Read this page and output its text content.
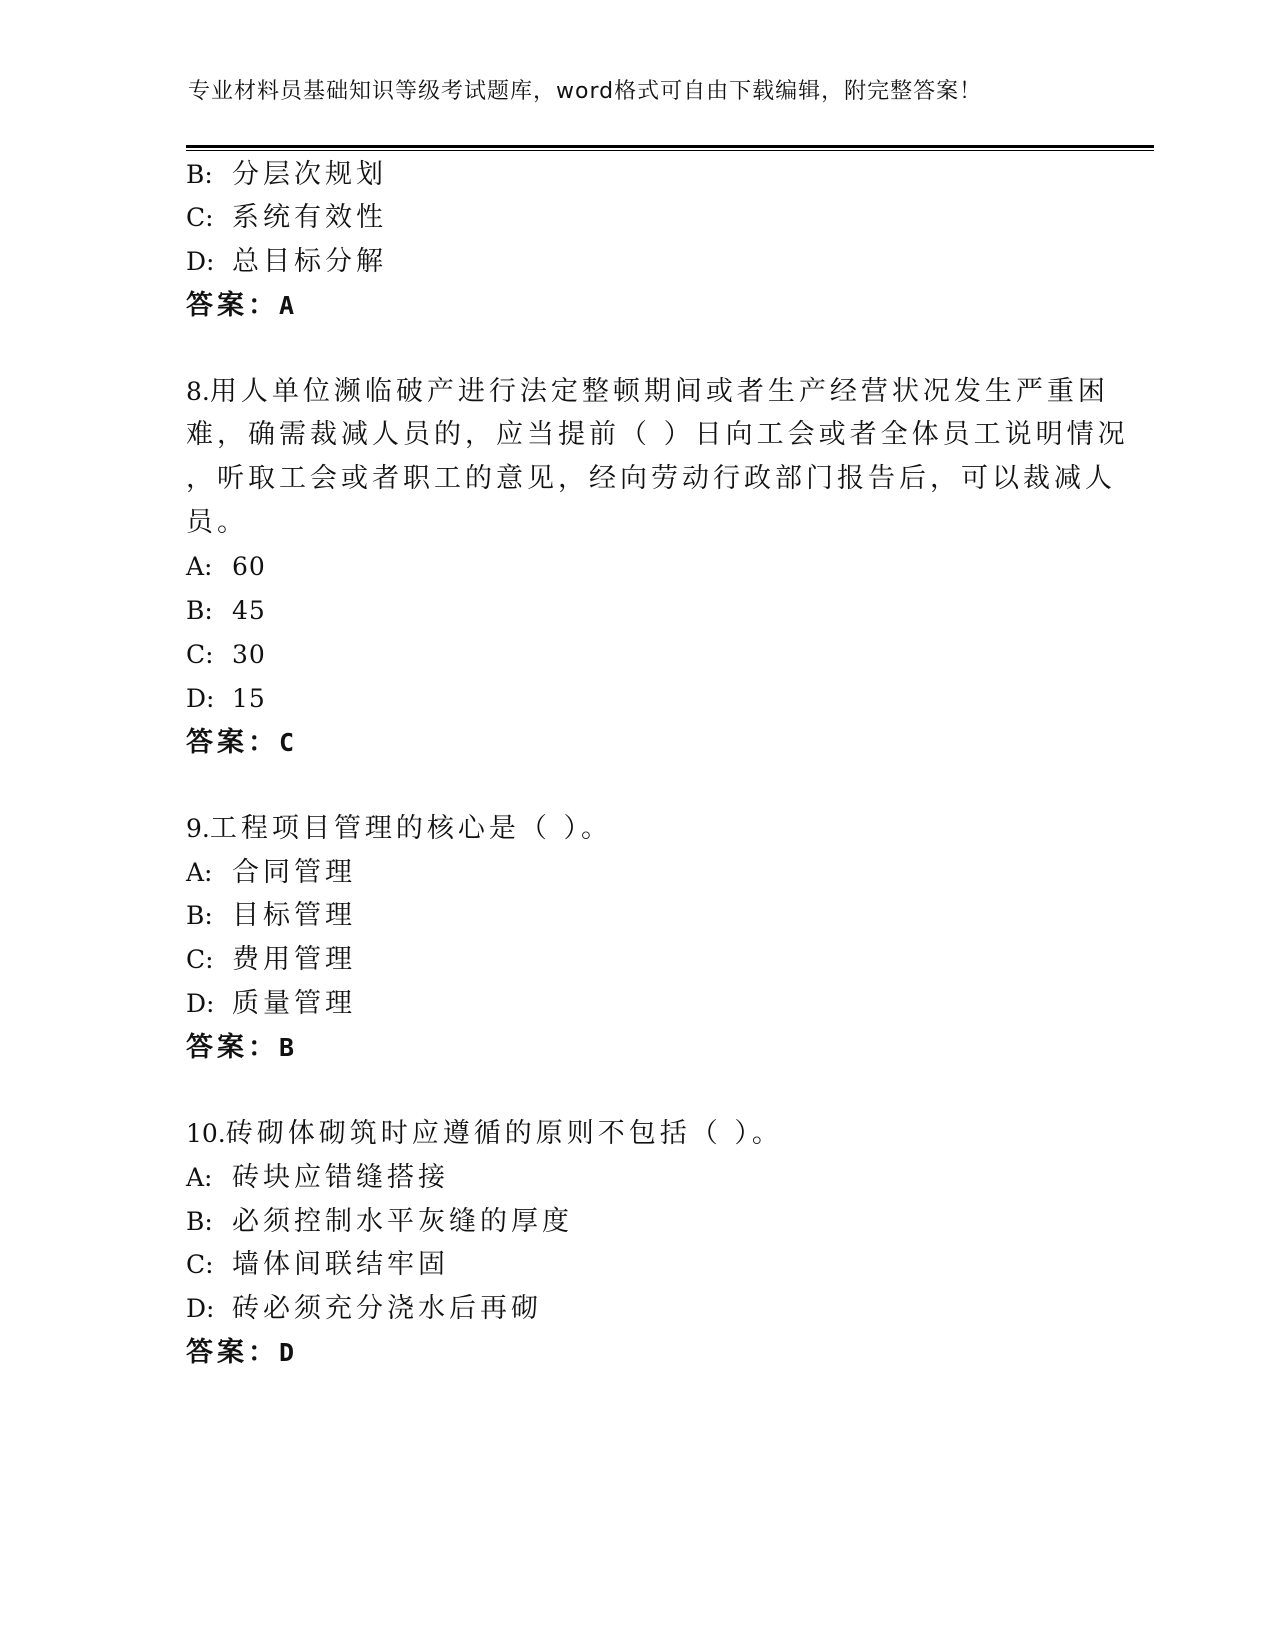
专业材料员基础知识等级考试题库，word格式可自由下载编辑，附完整答案！
B: 分层次规划
C: 系统有效性
D: 总目标分解
答案：A
8.用人单位濒临破产进行法定整顿期间或者生产经营状况发生严重困
难，确需裁减人员的，应当提前（ ）日向工会或者全体员工说明情况
，听取工会或者职工的意见，经向劳动行政部门报告后，可以裁减人
员。
A: 60
B: 45
C: 30
D: 15
答案：C
9.工程项目管理的核心是（ ）。
A: 合同管理
B: 目标管理
C: 费用管理
D: 质量管理
答案：B
10.砖砌体砌筑时应遵循的原则不包括（ ）。
A: 砖块应错缝搭接
B: 必须控制水平灰缝的厚度
C: 墙体间联结牢固
D: 砖必须充分浇水后再砌
答案：D
